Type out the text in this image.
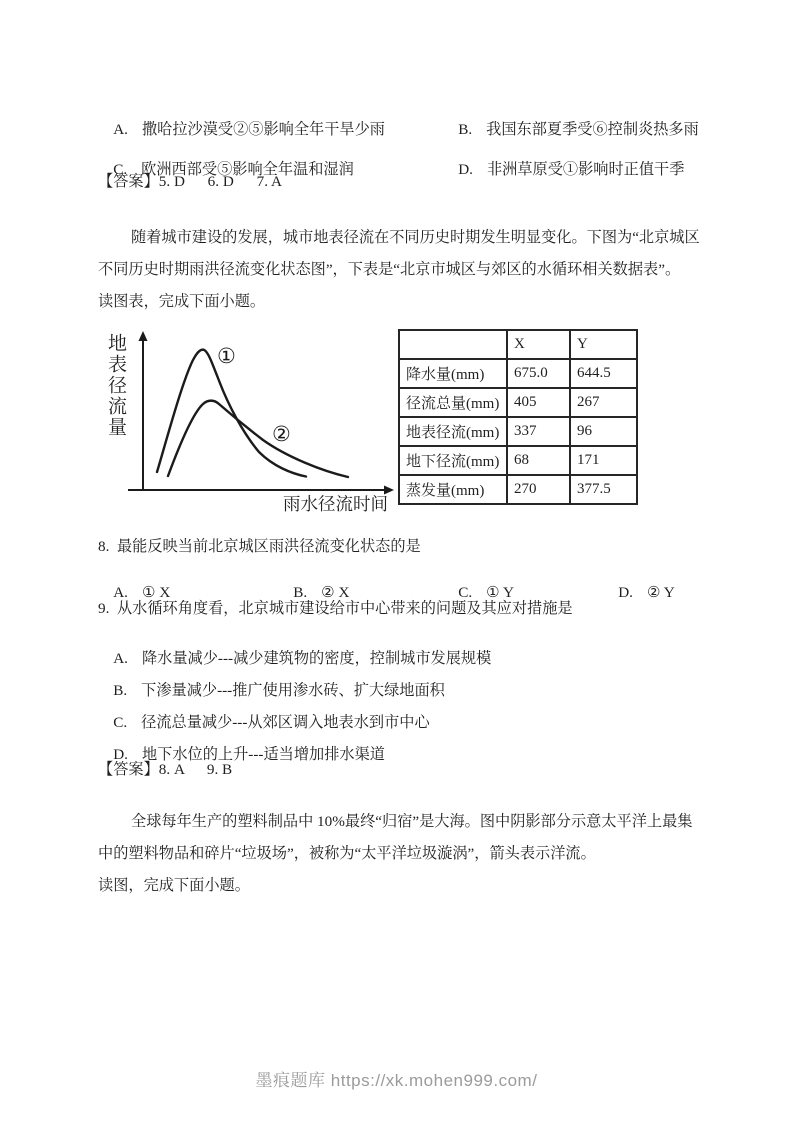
A. 撒哈拉沙漠受②⑤影响全年干旱少雨
	B. 我国东部夏季受⑥控制炎热多雨

C. 欧洲西部受⑤影响全年温和湿润
	D. 非洲草原受①影响时正值干季

【答案】5. D      6. D      7. A
随着城市建设的发展，城市地表径流在不同历史时期发生明显变化。下图为“北京城区
不同历史时期雨洪径流变化状态图”，下表是“北京市城区与郊区的水循环相关数据表”。
读图表，完成下面小题。
地表径流量
雨水径流时间
①
②
	X	Y
降水量(mm)	675.0	644.5
径流总量(mm)	405	267
地表径流(mm)	337	96
地下径流(mm)	68	171
蒸发量(mm)	270	377.5
8.  最能反映当前北京城区雨洪径流变化状态的是

A. ① X
	B. ② X
	C. ① Y
	D. ② Y

9.  从水循环角度看，北京城市建设给市中心带来的问题及其应对措施是

A. 降水量减少---减少建筑物的密度，控制城市发展规模

B. 下渗量减少---推广使用渗水砖、扩大绿地面积

C. 径流总量减少---从郊区调入地表水到市中心

D. 地下水位的上升---适当增加排水渠道

【答案】8. A      9. B
全球每年生产的塑料制品中 10%最终“归宿”是大海。图中阴影部分示意太平洋上最集
中的塑料物品和碎片“垃圾场”，被称为“太平洋垃圾漩涡”，箭头表示洋流。
读图，完成下面小题。
墨痕题库 https://xk.mohen999.com/
